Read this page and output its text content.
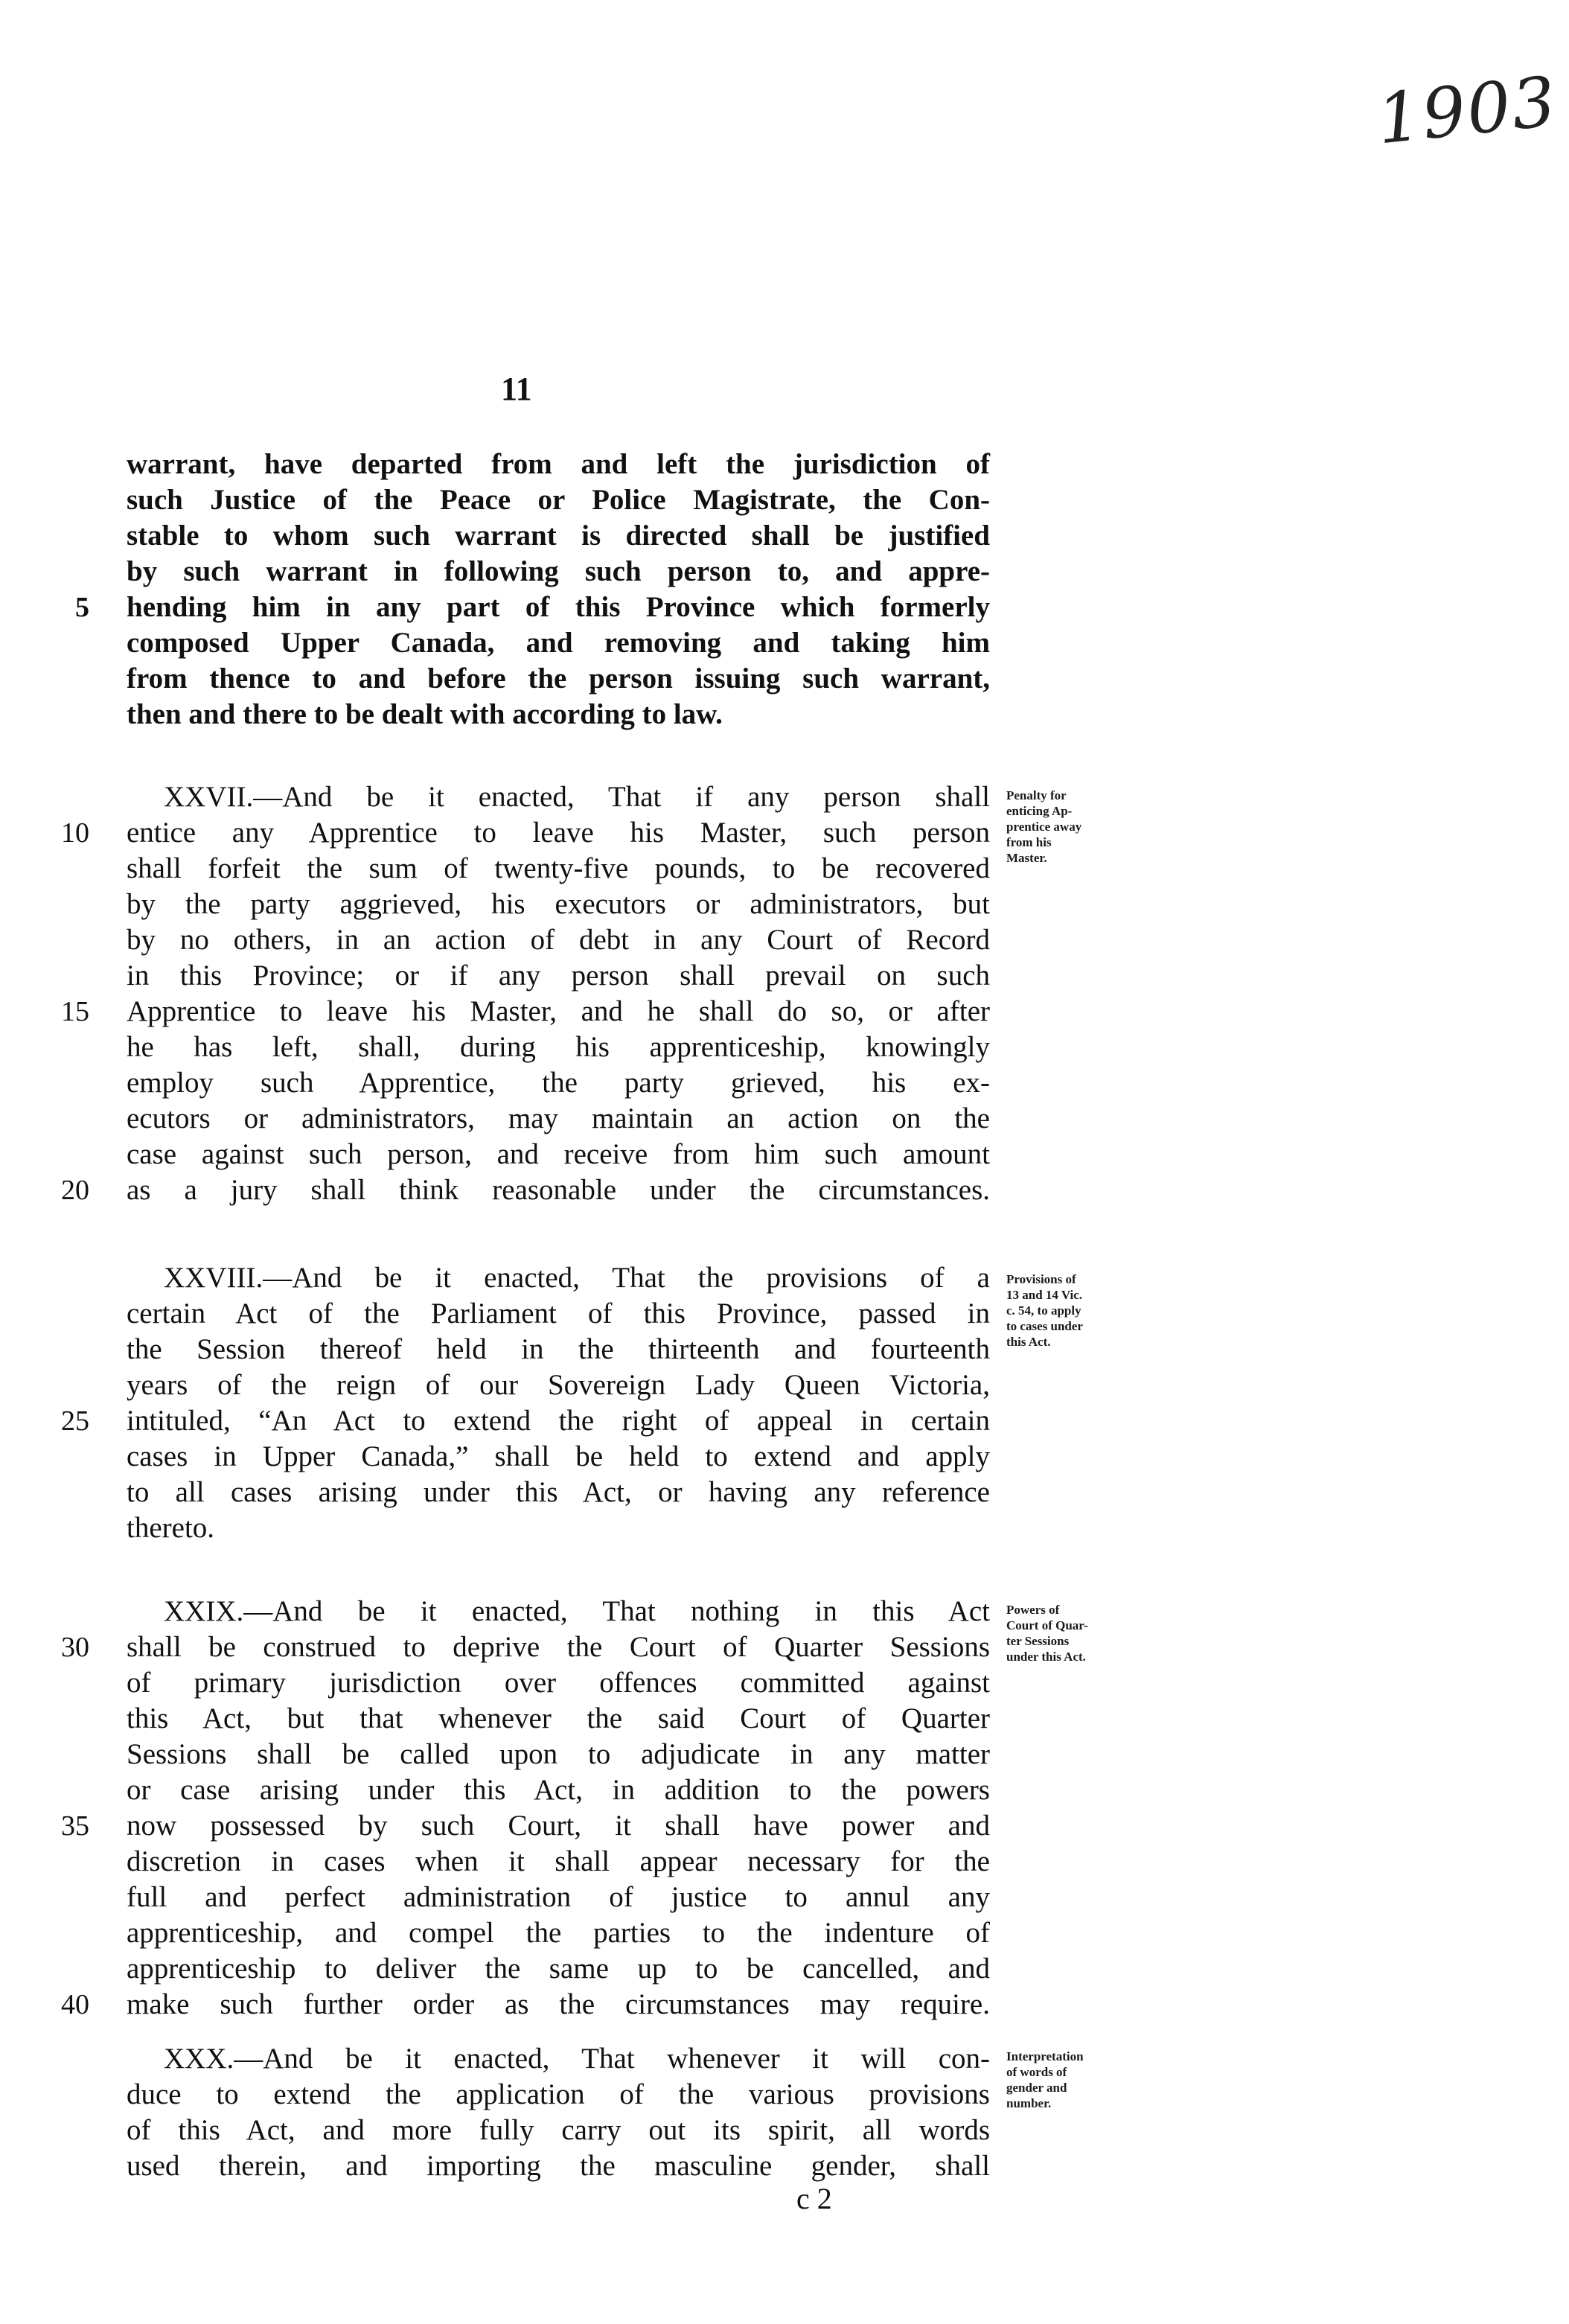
1903
11
warrant, have departed from and left the jurisdiction of
such Justice of the Peace or Police Magistrate, the Con-
stable to whom such warrant is directed shall be justified
by such warrant in following such person to, and appre-
5 hending him in any part of this Province which formerly
composed Upper Canada, and removing and taking him
from thence to and before the person issuing such warrant,
then and there to be dealt with according to law.
XXVII.—And be it enacted, That if any person shall
10 entice any Apprentice to leave his Master, such person
shall forfeit the sum of twenty-five pounds, to be recovered
by the party aggrieved, his executors or administrators, but
by no others, in an action of debt in any Court of Record
in this Province; or if any person shall prevail on such
15 Apprentice to leave his Master, and he shall do so, or after
he has left, shall, during his apprenticeship, knowingly
employ such Apprentice, the party grieved, his ex-
ecutors or administrators, may maintain an action on the
case against such person, and receive from him such amount
20 as a jury shall think reasonable under the circumstances.
Penalty for
enticing Ap-
prentice away
from his
Master.
XXVIII.—And be it enacted, That the provisions of a
certain Act of the Parliament of this Province, passed in
the Session thereof held in the thirteenth and fourteenth
years of the reign of our Sovereign Lady Queen Victoria,
25 intituled, “An Act to extend the right of appeal in certain
cases in Upper Canada,” shall be held to extend and apply
to all cases arising under this Act, or having any reference
thereto.
Provisions of
13 and 14 Vic.
c. 54, to apply
to cases under
this Act.
XXIX.—And be it enacted, That nothing in this Act
30 shall be construed to deprive the Court of Quarter Sessions
of primary jurisdiction over offences committed against
this Act, but that whenever the said Court of Quarter
Sessions shall be called upon to adjudicate in any matter
or case arising under this Act, in addition to the powers
35 now possessed by such Court, it shall have power and
discretion in cases when it shall appear necessary for the
full and perfect administration of justice to annul any
apprenticeship, and compel the parties to the indenture of
apprenticeship to deliver the same up to be cancelled, and
40 make such further order as the circumstances may require.
Powers of
Court of Quar-
ter Sessions
under this Act.
XXX.—And be it enacted, That whenever it will con-
duce to extend the application of the various provisions
of this Act, and more fully carry out its spirit, all words
used therein, and importing the masculine gender, shall
Interpretation
of words of
gender and
number.
c 2
